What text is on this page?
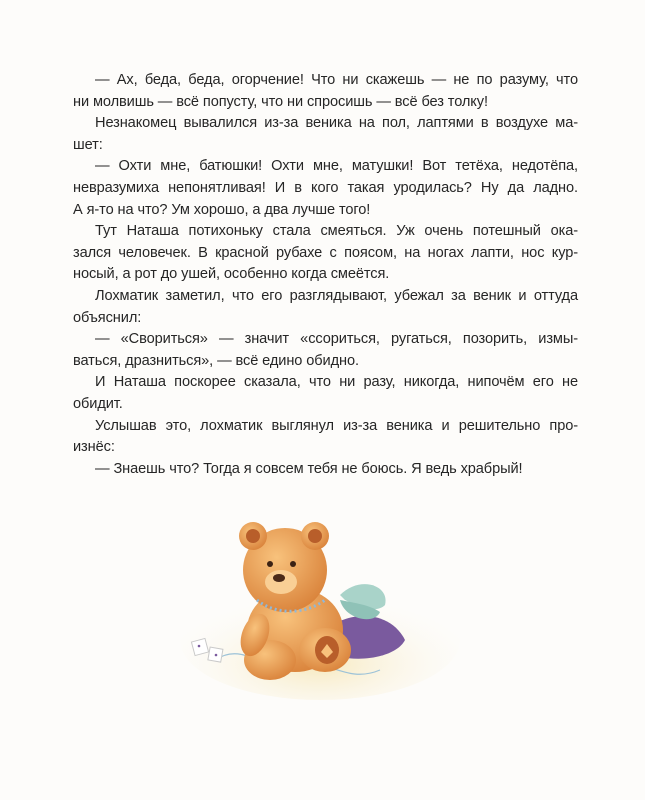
— Ах, беда, беда, огорчение! Что ни скажешь — не по разуму, что
ни молвишь — всё попусту, что ни спросишь — всё без толку!
Незнакомец вывалился из-за веника на пол, лаптями в воздухе ма-
шет:
— Охти мне, батюшки! Охти мне, матушки! Вот тетёха, недотёпа,
невразумиха непонятливая! И в кого такая уродилась? Ну да ладно.
А я-то на что? Ум хорошо, а два лучше того!
Тут Наташа потихоньку стала смеяться. Уж очень потешный ока-
зался человечек. В красной рубахе с поясом, на ногах лапти, нос кур-
носый, а рот до ушей, особенно когда смеётся.
Лохматик заметил, что его разглядывают, убежал за веник и оттуда
объяснил:
— «Своритьcя» — значит «ссориться, ругаться, позорить, измы-
ваться, дразниться», — всё едино обидно.
И Наташа поскорее сказала, что ни разу, никогда, нипочём его не
обидит.
Услышав это, лохматик выглянул из-за веника и решительно про-
изнёс:
— Знаешь что? Тогда я совсем тебя не боюсь. Я ведь храбрый!
